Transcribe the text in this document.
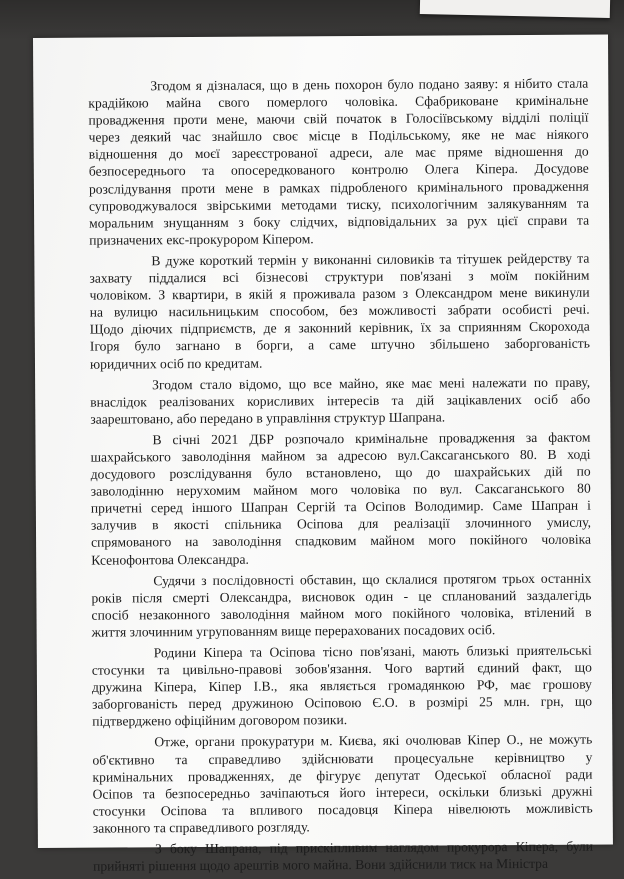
Згодом я дізналася, що в день похорон було подано заяву: я нібито стала
крадійкою майна свого померлого чоловіка. Сфабриковане кримінальне
провадження проти мене, маючи свій початок в Голосіївському відділі поліції
через деякий час знайшло своє місце в Подільському, яке не має ніякого
відношення до моєї зареєстрованої адреси, але має пряме відношення до
безпосереднього та опосередкованого контролю Олега Кіпера. Досудове
розслідування проти мене в рамках підробленого кримінального провадження
супроводжувалося звірськими методами тиску, психологічним залякуванням та
моральним знущанням з боку слідчих, відповідальних за рух цієї справи та
призначених екс-прокурором Кіпером.
В дуже короткий термін у виконанні силовиків та тітушек рейдерству та
захвату піддалися всі бізнесові структури пов'язані з моїм покійним
чоловіком. З квартири, в якій я проживала разом з Олександром мене викинули
на вулицю насильницьким способом, без можливості забрати особисті речі.
Щодо діючих підприємств, де я законний керівник, їх за сприянням Скорохода
Ігоря було загнано в борги, а саме штучно збільшено заборгованість
юридичних осіб по кредитам.
Згодом стало відомо, що все майно, яке має мені належати по праву,
внаслідок реалізованих корисливих інтересів та дій зацікавлених осіб або
заарештовано, або передано в управління структур Шапрана.
В січні 2021 ДБР розпочало кримінальне провадження за фактом
шахрайського заволодіння майном за адресою вул.Саксаганського 80. В ході
досудового розслідування було встановлено, що до шахрайських дій по
заволодінню нерухомим майном мого чоловіка по вул. Саксаганського 80
причетні серед іншого Шапран Сергій та Осіпов Володимир. Саме Шапран і
залучив в якості спільника Осіпова для реалізації злочинного умислу,
спрямованого на заволодіння спадковим майном мого покійного чоловіка
Ксенофонтова Олександра.
Судячи з послідовності обставин, що склалися протягом трьох останніх
років після смерті Олександра, висновок один - це спланований заздалегідь
спосіб незаконного заволодіння майном мого покійного чоловіка, втілений в
життя злочинним угрупованням вище перерахованих посадових осіб.
Родини Кіпера та Осіпова тісно пов'язані, мають близькі приятельські
стосунки та цивільно-правові зобов'язання. Чого вартий єдиний факт, що
дружина Кіпера, Кіпер І.В., яка являється громадянкою РФ, має грошову
заборгованість перед дружиною Осіповою Є.О. в розмірі 25 млн. грн, що
підтверджено офіційним договором позики.
Отже, органи прокуратури м. Києва, які очолював Кіпер О., не можуть
об'єктивно та справедливо здійснювати процесуальне керівництво у
кримінальних провадженнях, де фігурує депутат Одеської обласної ради
Осіпов та безпосередньо зачіпаються його інтереси, оскільки близькі дружні
стосунки Осіпова та впливого посадовця Кіпера нівелюють можливість
законного та справедливого розгляду.
З боку Шапрана, під прискіпливим наглядом прокурора Кіпера, були
прийняті рішення щодо арештів мого майна. Вони здійснили тиск на Міністра
